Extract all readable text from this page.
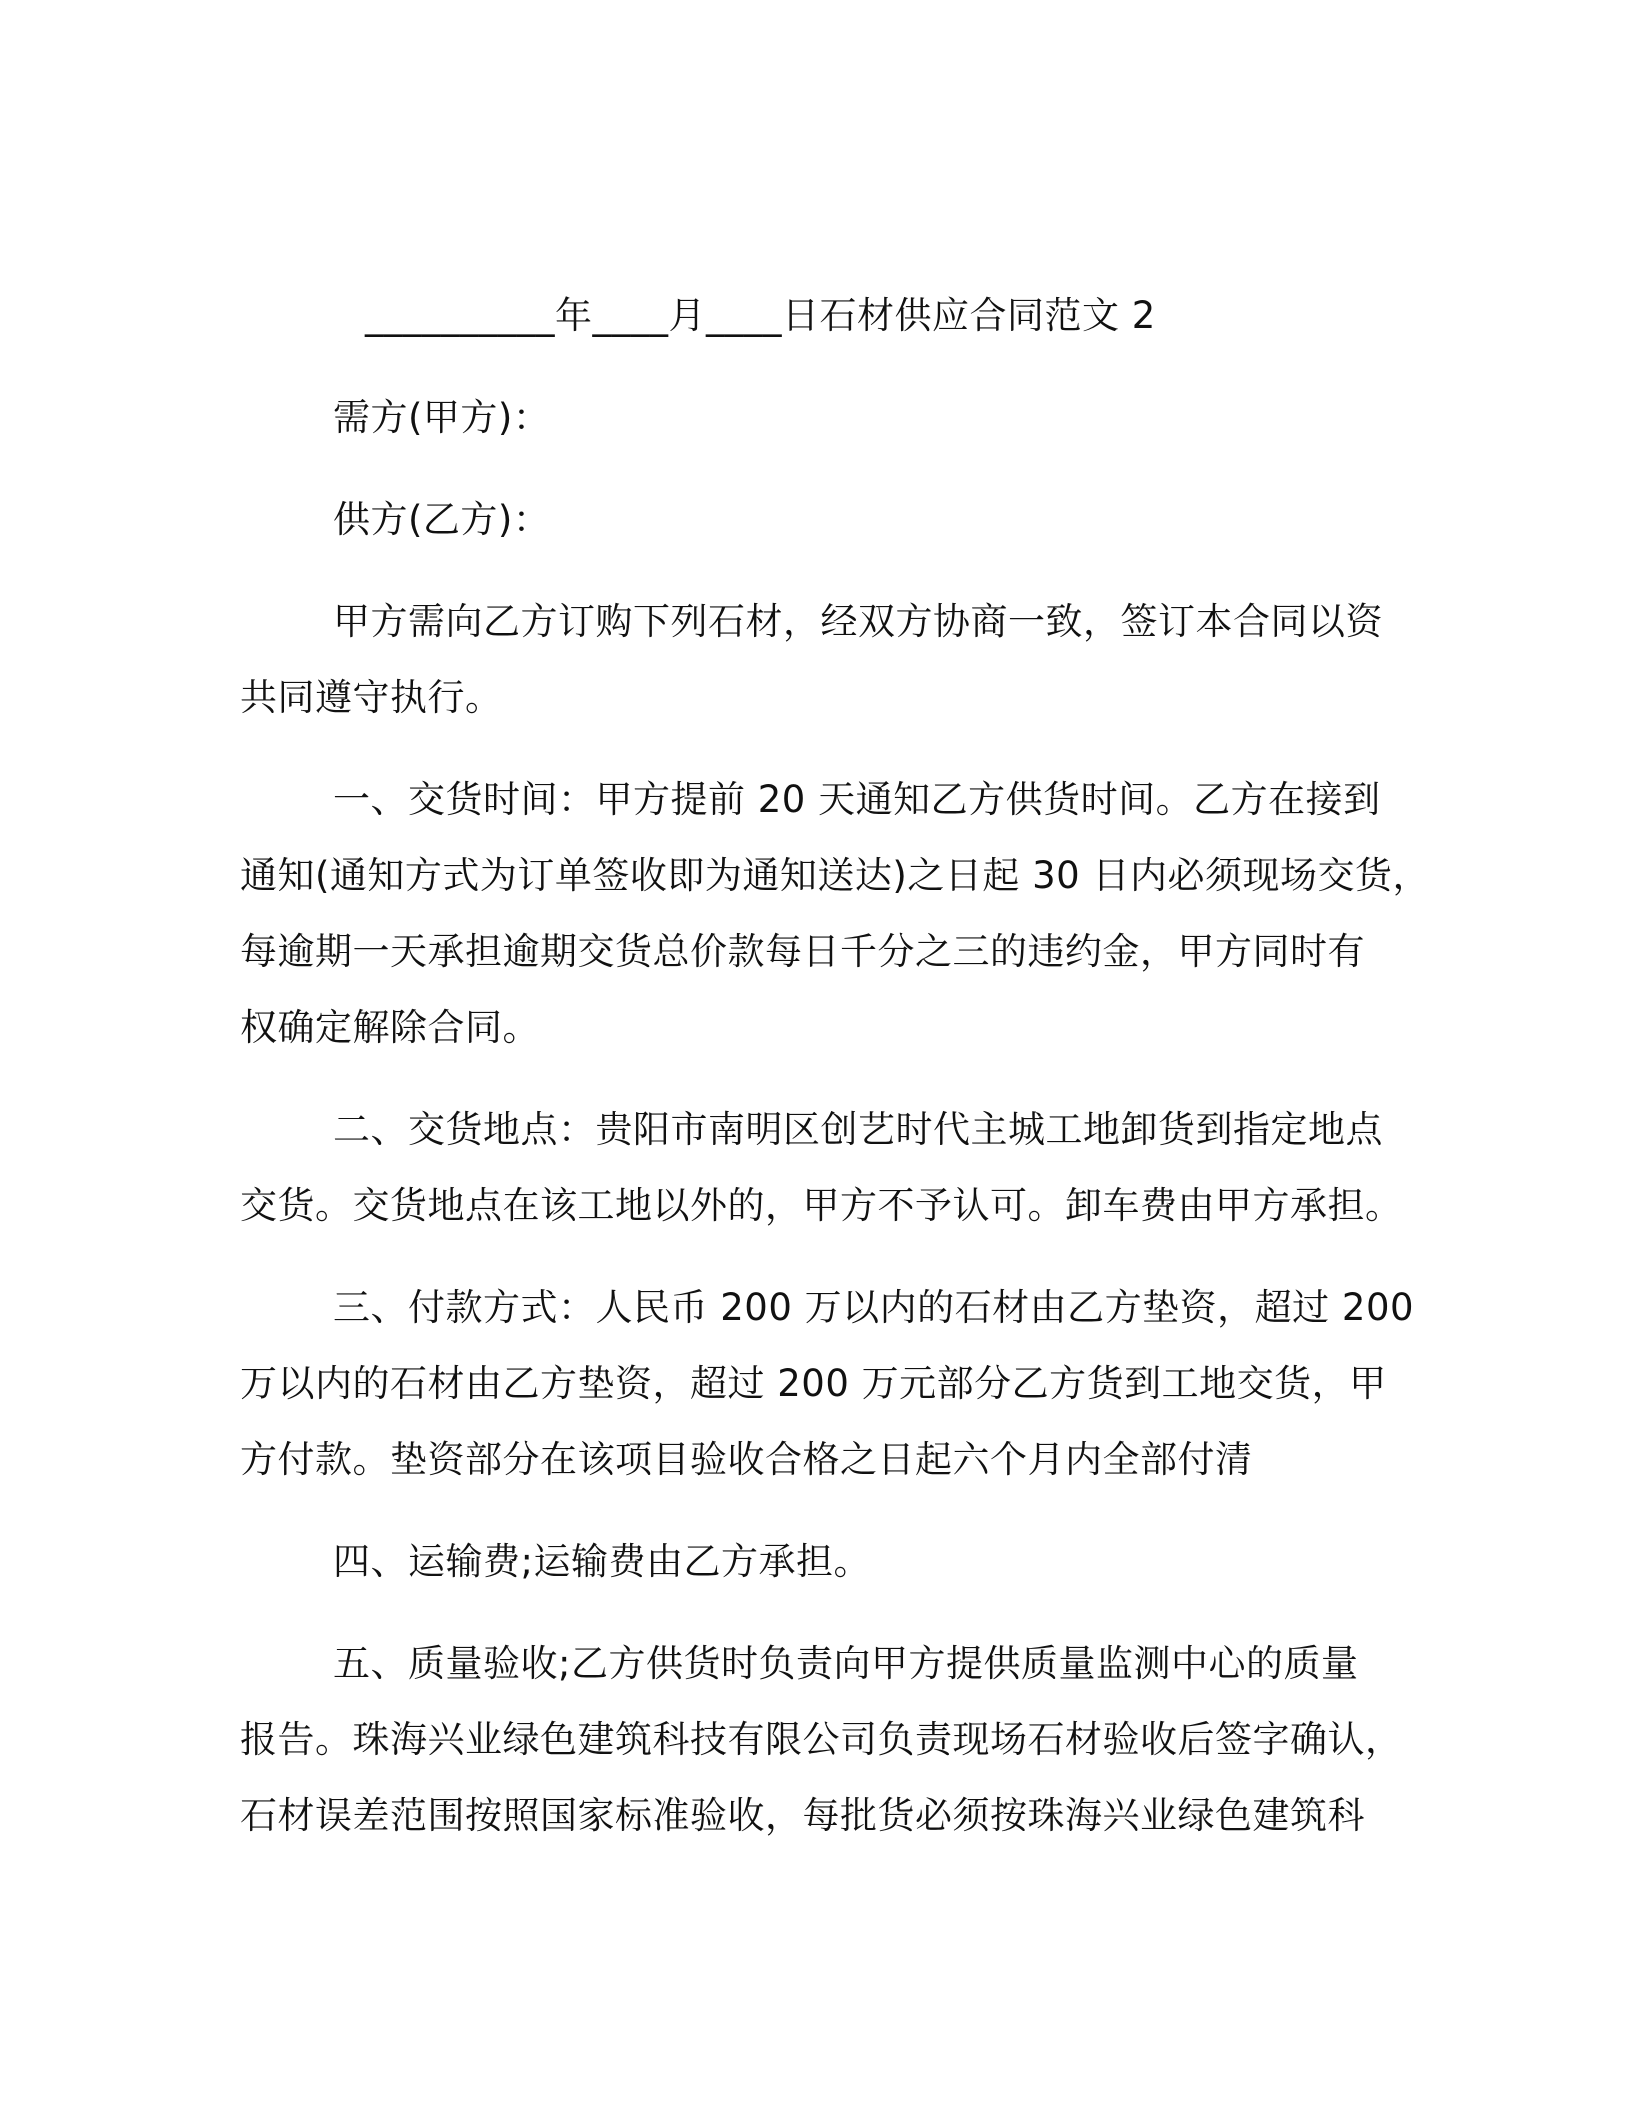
__________年____月____日石材供应合同范文 2
需方(甲方)：
供方(乙方)：
甲方需向乙方订购下列石材，经双方协商一致，签订本合同以资
共同遵守执行。
一、交货时间：甲方提前 20 天通知乙方供货时间。乙方在接到
通知(通知方式为订单签收即为通知送达)之日起 30 日内必须现场交货，
每逾期一天承担逾期交货总价款每日千分之三的违约金，甲方同时有
权确定解除合同。
二、交货地点：贵阳市南明区创艺时代主城工地卸货到指定地点
交货。交货地点在该工地以外的，甲方不予认可。卸车费由甲方承担。
三、付款方式：人民币 200 万以内的石材由乙方垫资，超过 200
万以内的石材由乙方垫资，超过 200 万元部分乙方货到工地交货，甲
方付款。垫资部分在该项目验收合格之日起六个月内全部付清
四、运输费;运输费由乙方承担。
五、质量验收;乙方供货时负责向甲方提供质量监测中心的质量
报告。珠海兴业绿色建筑科技有限公司负责现场石材验收后签字确认，
石材误差范围按照国家标准验收，每批货必须按珠海兴业绿色建筑科
